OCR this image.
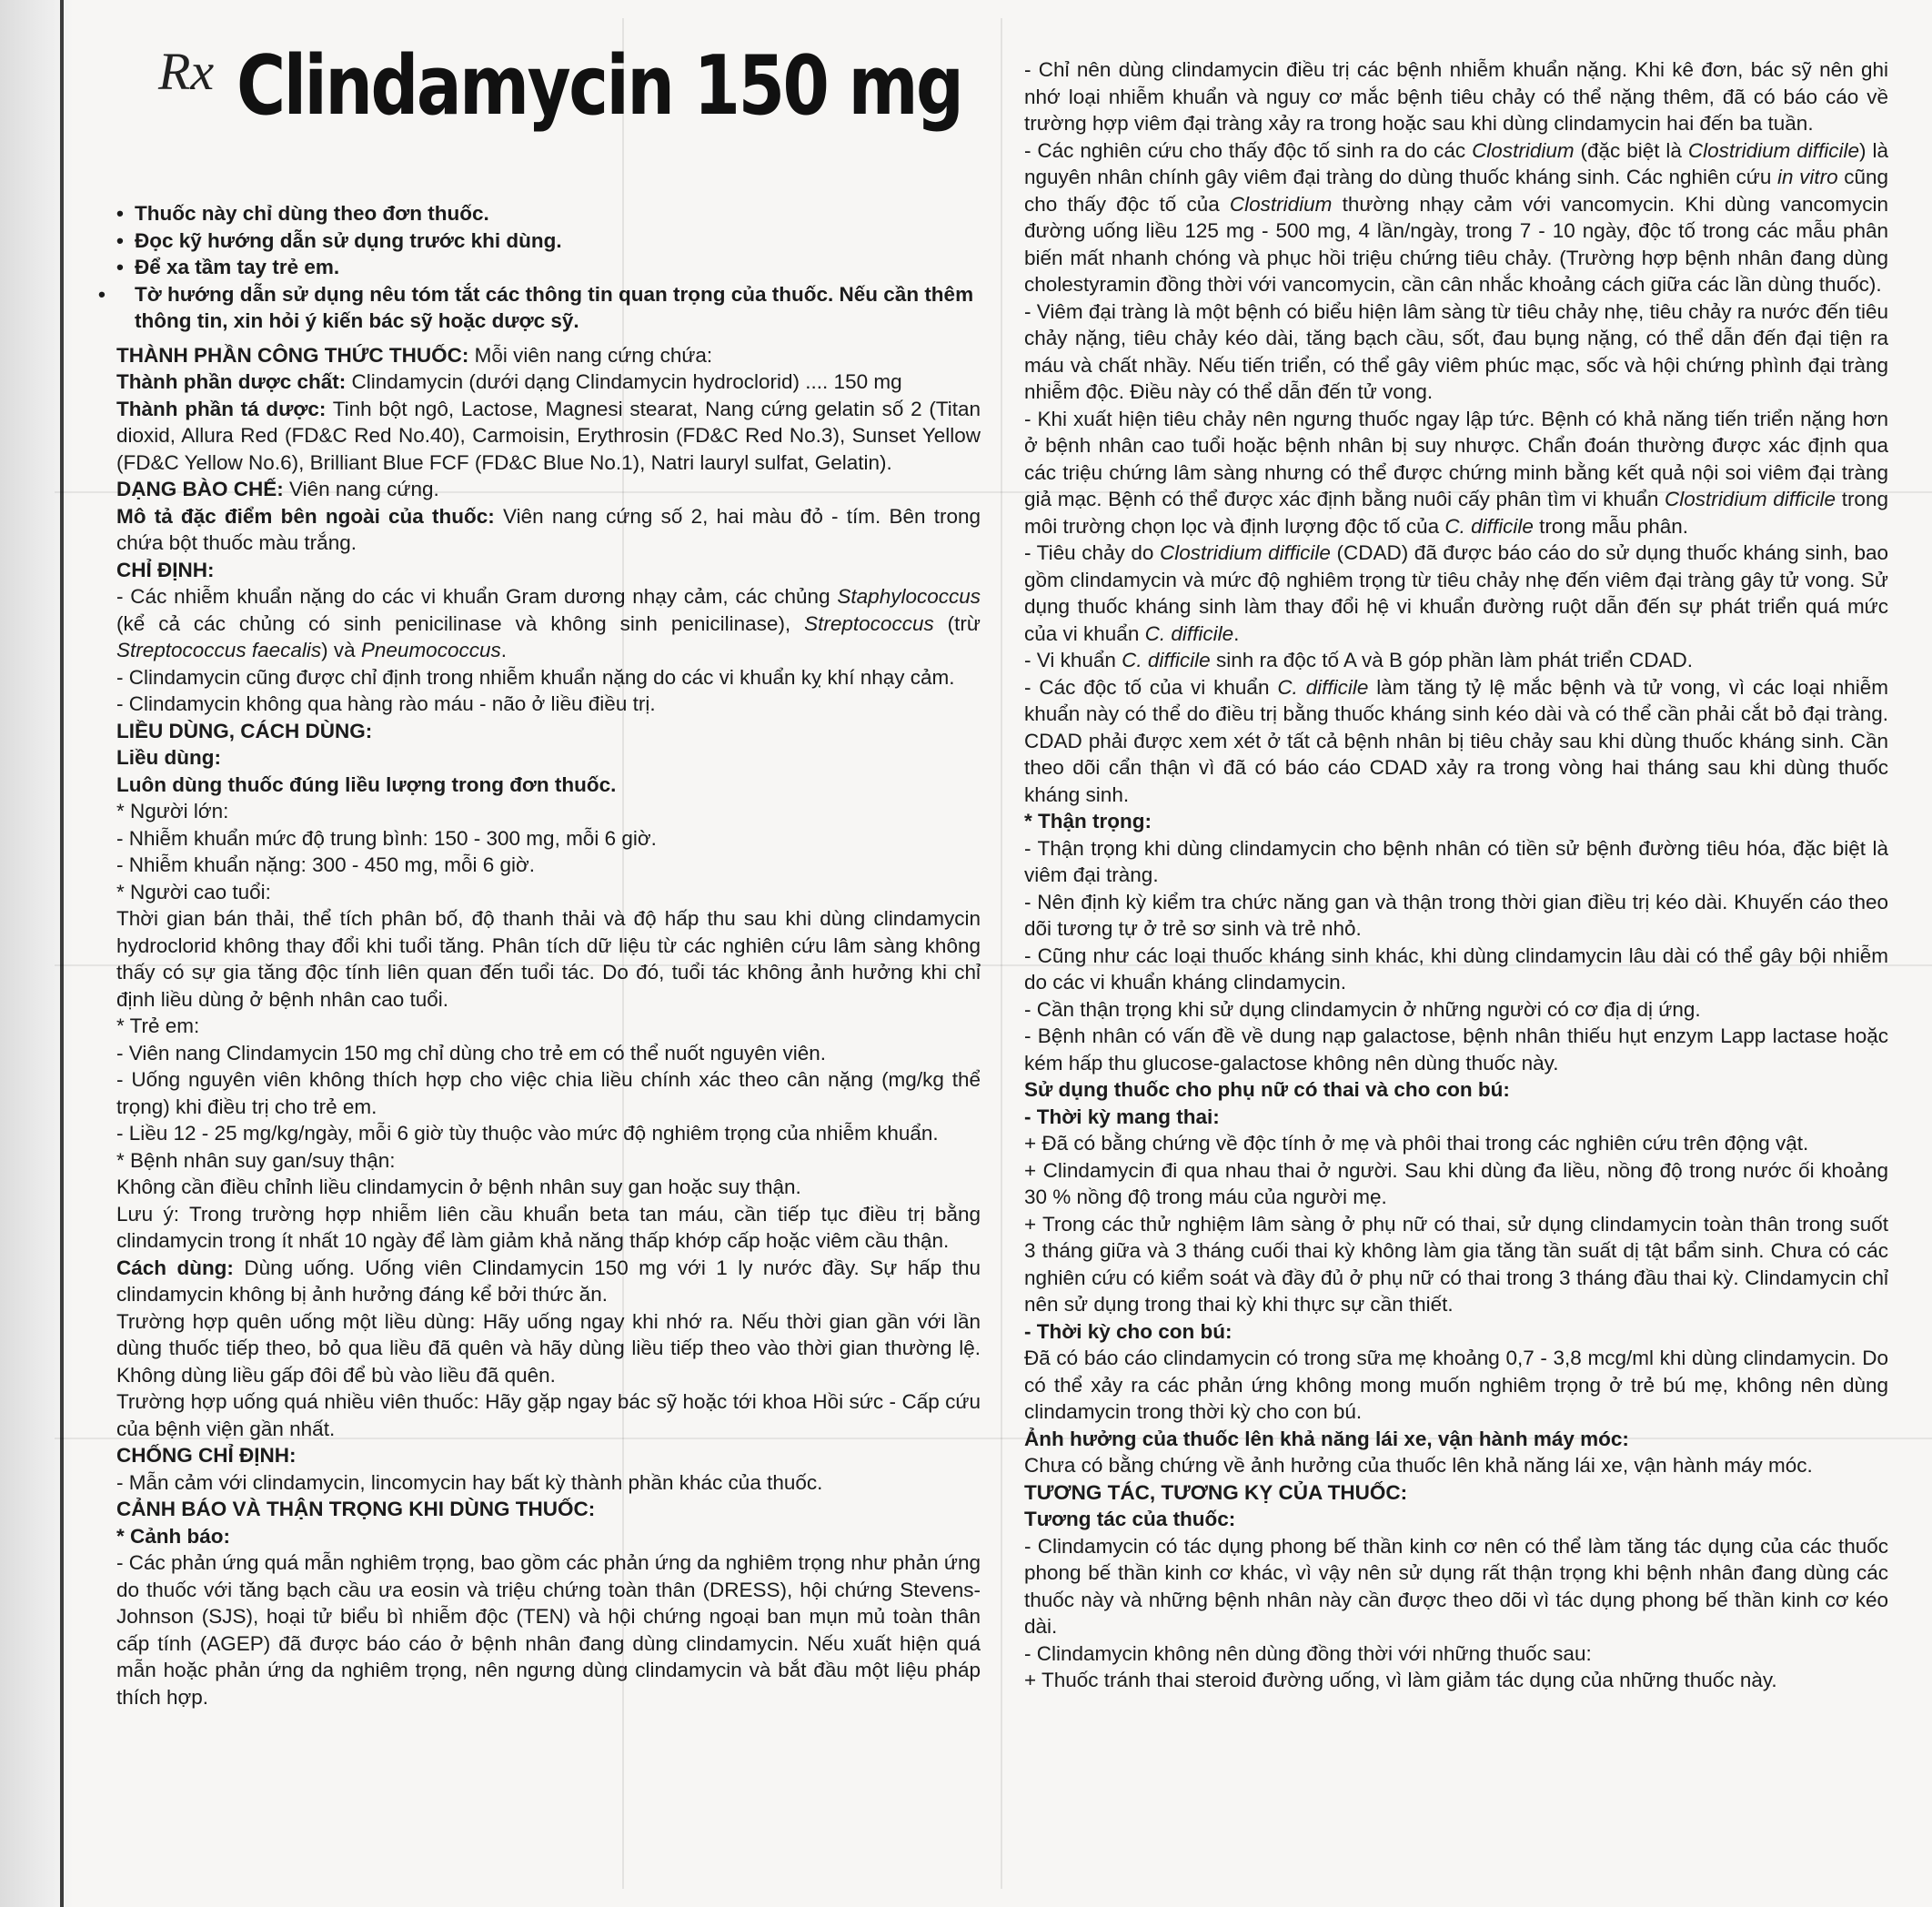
Rx Clindamycin 150 mg
• Thuốc này chỉ dùng theo đơn thuốc.
• Đọc kỹ hướng dẫn sử dụng trước khi dùng.
• Để xa tầm tay trẻ em.
• Tờ hướng dẫn sử dụng nêu tóm tắt các thông tin quan trọng của thuốc. Nếu cần thêm thông tin, xin hỏi ý kiến bác sỹ hoặc dược sỹ.

THÀNH PHẦN CÔNG THỨC THUỐC: Mỗi viên nang cứng chứa:

Thành phần dược chất: Clindamycin (dưới dạng Clindamycin hydroclorid) .... 150 mg

Thành phần tá dược: Tinh bột ngô, Lactose, Magnesi stearat, Nang cứng gelatin số 2 (Titan dioxid, Allura Red (FD&C Red No.40), Carmoisin, Erythrosin (FD&C Red No.3), Sunset Yellow (FD&C Yellow No.6), Brilliant Blue FCF (FD&C Blue No.1), Natri lauryl sulfat, Gelatin).

DẠNG BÀO CHẾ: Viên nang cứng.

Mô tả đặc điểm bên ngoài của thuốc: Viên nang cứng số 2, hai màu đỏ - tím. Bên trong chứa bột thuốc màu trắng.

CHỈ ĐỊNH:

- Các nhiễm khuẩn nặng do các vi khuẩn Gram dương nhạy cảm, các chủng Staphylococcus (kể cả các chủng có sinh penicilinase và không sinh penicilinase), Streptococcus (trừ Streptococcus faecalis) và Pneumococcus.

- Clindamycin cũng được chỉ định trong nhiễm khuẩn nặng do các vi khuẩn kỵ khí nhạy cảm.

- Clindamycin không qua hàng rào máu - não ở liều điều trị.

LIỀU DÙNG, CÁCH DÙNG:

Liều dùng:

Luôn dùng thuốc đúng liều lượng trong đơn thuốc.

* Người lớn:

- Nhiễm khuẩn mức độ trung bình: 150 - 300 mg, mỗi 6 giờ.

- Nhiễm khuẩn nặng: 300 - 450 mg, mỗi 6 giờ.

* Người cao tuổi:

Thời gian bán thải, thể tích phân bố, độ thanh thải và độ hấp thu sau khi dùng clindamycin hydroclorid không thay đổi khi tuổi tăng. Phân tích dữ liệu từ các nghiên cứu lâm sàng không thấy có sự gia tăng độc tính liên quan đến tuổi tác. Do đó, tuổi tác không ảnh hưởng khi chỉ định liều dùng ở bệnh nhân cao tuổi.

* Trẻ em:

- Viên nang Clindamycin 150 mg chỉ dùng cho trẻ em có thể nuốt nguyên viên.

- Uống nguyên viên không thích hợp cho việc chia liều chính xác theo cân nặng (mg/kg thể trọng) khi điều trị cho trẻ em.

- Liều 12 - 25 mg/kg/ngày, mỗi 6 giờ tùy thuộc vào mức độ nghiêm trọng của nhiễm khuẩn.

* Bệnh nhân suy gan/suy thận:

Không cần điều chỉnh liều clindamycin ở bệnh nhân suy gan hoặc suy thận.

Lưu ý: Trong trường hợp nhiễm liên cầu khuẩn beta tan máu, cần tiếp tục điều trị bằng clindamycin trong ít nhất 10 ngày để làm giảm khả năng thấp khớp cấp hoặc viêm cầu thận.

Cách dùng: Dùng uống. Uống viên Clindamycin 150 mg với 1 ly nước đầy. Sự hấp thu clindamycin không bị ảnh hưởng đáng kể bởi thức ăn.

Trường hợp quên uống một liều dùng: Hãy uống ngay khi nhớ ra. Nếu thời gian gần với lần dùng thuốc tiếp theo, bỏ qua liều đã quên và hãy dùng liều tiếp theo vào thời gian thường lệ. Không dùng liều gấp đôi để bù vào liều đã quên.

Trường hợp uống quá nhiều viên thuốc: Hãy gặp ngay bác sỹ hoặc tới khoa Hồi sức - Cấp cứu của bệnh viện gần nhất.

CHỐNG CHỈ ĐỊNH:

- Mẫn cảm với clindamycin, lincomycin hay bất kỳ thành phần khác của thuốc.

CẢNH BÁO VÀ THẬN TRỌNG KHI DÙNG THUỐC:

* Cảnh báo:

- Các phản ứng quá mẫn nghiêm trọng, bao gồm các phản ứng da nghiêm trọng như phản ứng do thuốc với tăng bạch cầu ưa eosin và triệu chứng toàn thân (DRESS), hội chứng Stevens-Johnson (SJS), hoại tử biểu bì nhiễm độc (TEN) và hội chứng ngoại ban mụn mủ toàn thân cấp tính (AGEP) đã được báo cáo ở bệnh nhân đang dùng clindamycin. Nếu xuất hiện quá mẫn hoặc phản ứng da nghiêm trọng, nên ngưng dùng clindamycin và bắt đầu một liệu pháp thích hợp.

- Chỉ nên dùng clindamycin điều trị các bệnh nhiễm khuẩn nặng. Khi kê đơn, bác sỹ nên ghi nhớ loại nhiễm khuẩn và nguy cơ mắc bệnh tiêu chảy có thể nặng thêm, đã có báo cáo về trường hợp viêm đại tràng xảy ra trong hoặc sau khi dùng clindamycin hai đến ba tuần.

- Các nghiên cứu cho thấy độc tố sinh ra do các Clostridium (đặc biệt là Clostridium difficile) là nguyên nhân chính gây viêm đại tràng do dùng thuốc kháng sinh. Các nghiên cứu in vitro cũng cho thấy độc tố của Clostridium thường nhạy cảm với vancomycin. Khi dùng vancomycin đường uống liều 125 mg - 500 mg, 4 lần/ngày, trong 7 - 10 ngày, độc tố trong các mẫu phân biến mất nhanh chóng và phục hồi triệu chứng tiêu chảy. (Trường hợp bệnh nhân đang dùng cholestyramin đồng thời với vancomycin, cần cân nhắc khoảng cách giữa các lần dùng thuốc).

- Viêm đại tràng là một bệnh có biểu hiện lâm sàng từ tiêu chảy nhẹ, tiêu chảy ra nước đến tiêu chảy nặng, tiêu chảy kéo dài, tăng bạch cầu, sốt, đau bụng nặng, có thể dẫn đến đại tiện ra máu và chất nhầy. Nếu tiến triển, có thể gây viêm phúc mạc, sốc và hội chứng phình đại tràng nhiễm độc. Điều này có thể dẫn đến tử vong.

- Khi xuất hiện tiêu chảy nên ngưng thuốc ngay lập tức. Bệnh có khả năng tiến triển nặng hơn ở bệnh nhân cao tuổi hoặc bệnh nhân bị suy nhược. Chẩn đoán thường được xác định qua các triệu chứng lâm sàng nhưng có thể được chứng minh bằng kết quả nội soi viêm đại tràng giả mạc. Bệnh có thể được xác định bằng nuôi cấy phân tìm vi khuẩn Clostridium difficile trong môi trường chọn lọc và định lượng độc tố của C. difficile trong mẫu phân.

- Tiêu chảy do Clostridium difficile (CDAD) đã được báo cáo do sử dụng thuốc kháng sinh, bao gồm clindamycin và mức độ nghiêm trọng từ tiêu chảy nhẹ đến viêm đại tràng gây tử vong. Sử dụng thuốc kháng sinh làm thay đổi hệ vi khuẩn đường ruột dẫn đến sự phát triển quá mức của vi khuẩn C. difficile.

- Vi khuẩn C. difficile sinh ra độc tố A và B góp phần làm phát triển CDAD.

- Các độc tố của vi khuẩn C. difficile làm tăng tỷ lệ mắc bệnh và tử vong, vì các loại nhiễm khuẩn này có thể do điều trị bằng thuốc kháng sinh kéo dài và có thể cần phải cắt bỏ đại tràng. CDAD phải được xem xét ở tất cả bệnh nhân bị tiêu chảy sau khi dùng thuốc kháng sinh. Cần theo dõi cẩn thận vì đã có báo cáo CDAD xảy ra trong vòng hai tháng sau khi dùng thuốc kháng sinh.

* Thận trọng:

- Thận trọng khi dùng clindamycin cho bệnh nhân có tiền sử bệnh đường tiêu hóa, đặc biệt là viêm đại tràng.

- Nên định kỳ kiểm tra chức năng gan và thận trong thời gian điều trị kéo dài. Khuyến cáo theo dõi tương tự ở trẻ sơ sinh và trẻ nhỏ.

- Cũng như các loại thuốc kháng sinh khác, khi dùng clindamycin lâu dài có thể gây bội nhiễm do các vi khuẩn kháng clindamycin.

- Cần thận trọng khi sử dụng clindamycin ở những người có cơ địa dị ứng.

- Bệnh nhân có vấn đề về dung nạp galactose, bệnh nhân thiếu hụt enzym Lapp lactase hoặc kém hấp thu glucose-galactose không nên dùng thuốc này.

Sử dụng thuốc cho phụ nữ có thai và cho con bú:

- Thời kỳ mang thai:

+ Đã có bằng chứng về độc tính ở mẹ và phôi thai trong các nghiên cứu trên động vật.

+ Clindamycin đi qua nhau thai ở người. Sau khi dùng đa liều, nồng độ trong nước ối khoảng 30 % nồng độ trong máu của người mẹ.

+ Trong các thử nghiệm lâm sàng ở phụ nữ có thai, sử dụng clindamycin toàn thân trong suốt 3 tháng giữa và 3 tháng cuối thai kỳ không làm gia tăng tần suất dị tật bẩm sinh. Chưa có các nghiên cứu có kiểm soát và đầy đủ ở phụ nữ có thai trong 3 tháng đầu thai kỳ. Clindamycin chỉ nên sử dụng trong thai kỳ khi thực sự cần thiết.

- Thời kỳ cho con bú:

Đã có báo cáo clindamycin có trong sữa mẹ khoảng 0,7 - 3,8 mcg/ml khi dùng clindamycin. Do có thể xảy ra các phản ứng không mong muốn nghiêm trọng ở trẻ bú mẹ, không nên dùng clindamycin trong thời kỳ cho con bú.

Ảnh hưởng của thuốc lên khả năng lái xe, vận hành máy móc:

Chưa có bằng chứng về ảnh hưởng của thuốc lên khả năng lái xe, vận hành máy móc.

TƯƠNG TÁC, TƯƠNG KỴ CỦA THUỐC:

Tương tác của thuốc:

- Clindamycin có tác dụng phong bế thần kinh cơ nên có thể làm tăng tác dụng của các thuốc phong bế thần kinh cơ khác, vì vậy nên sử dụng rất thận trọng khi bệnh nhân đang dùng các thuốc này và những bệnh nhân này cần được theo dõi vì tác dụng phong bế thần kinh cơ kéo dài.

- Clindamycin không nên dùng đồng thời với những thuốc sau:

+ Thuốc tránh thai steroid đường uống, vì làm giảm tác dụng của những thuốc này.
